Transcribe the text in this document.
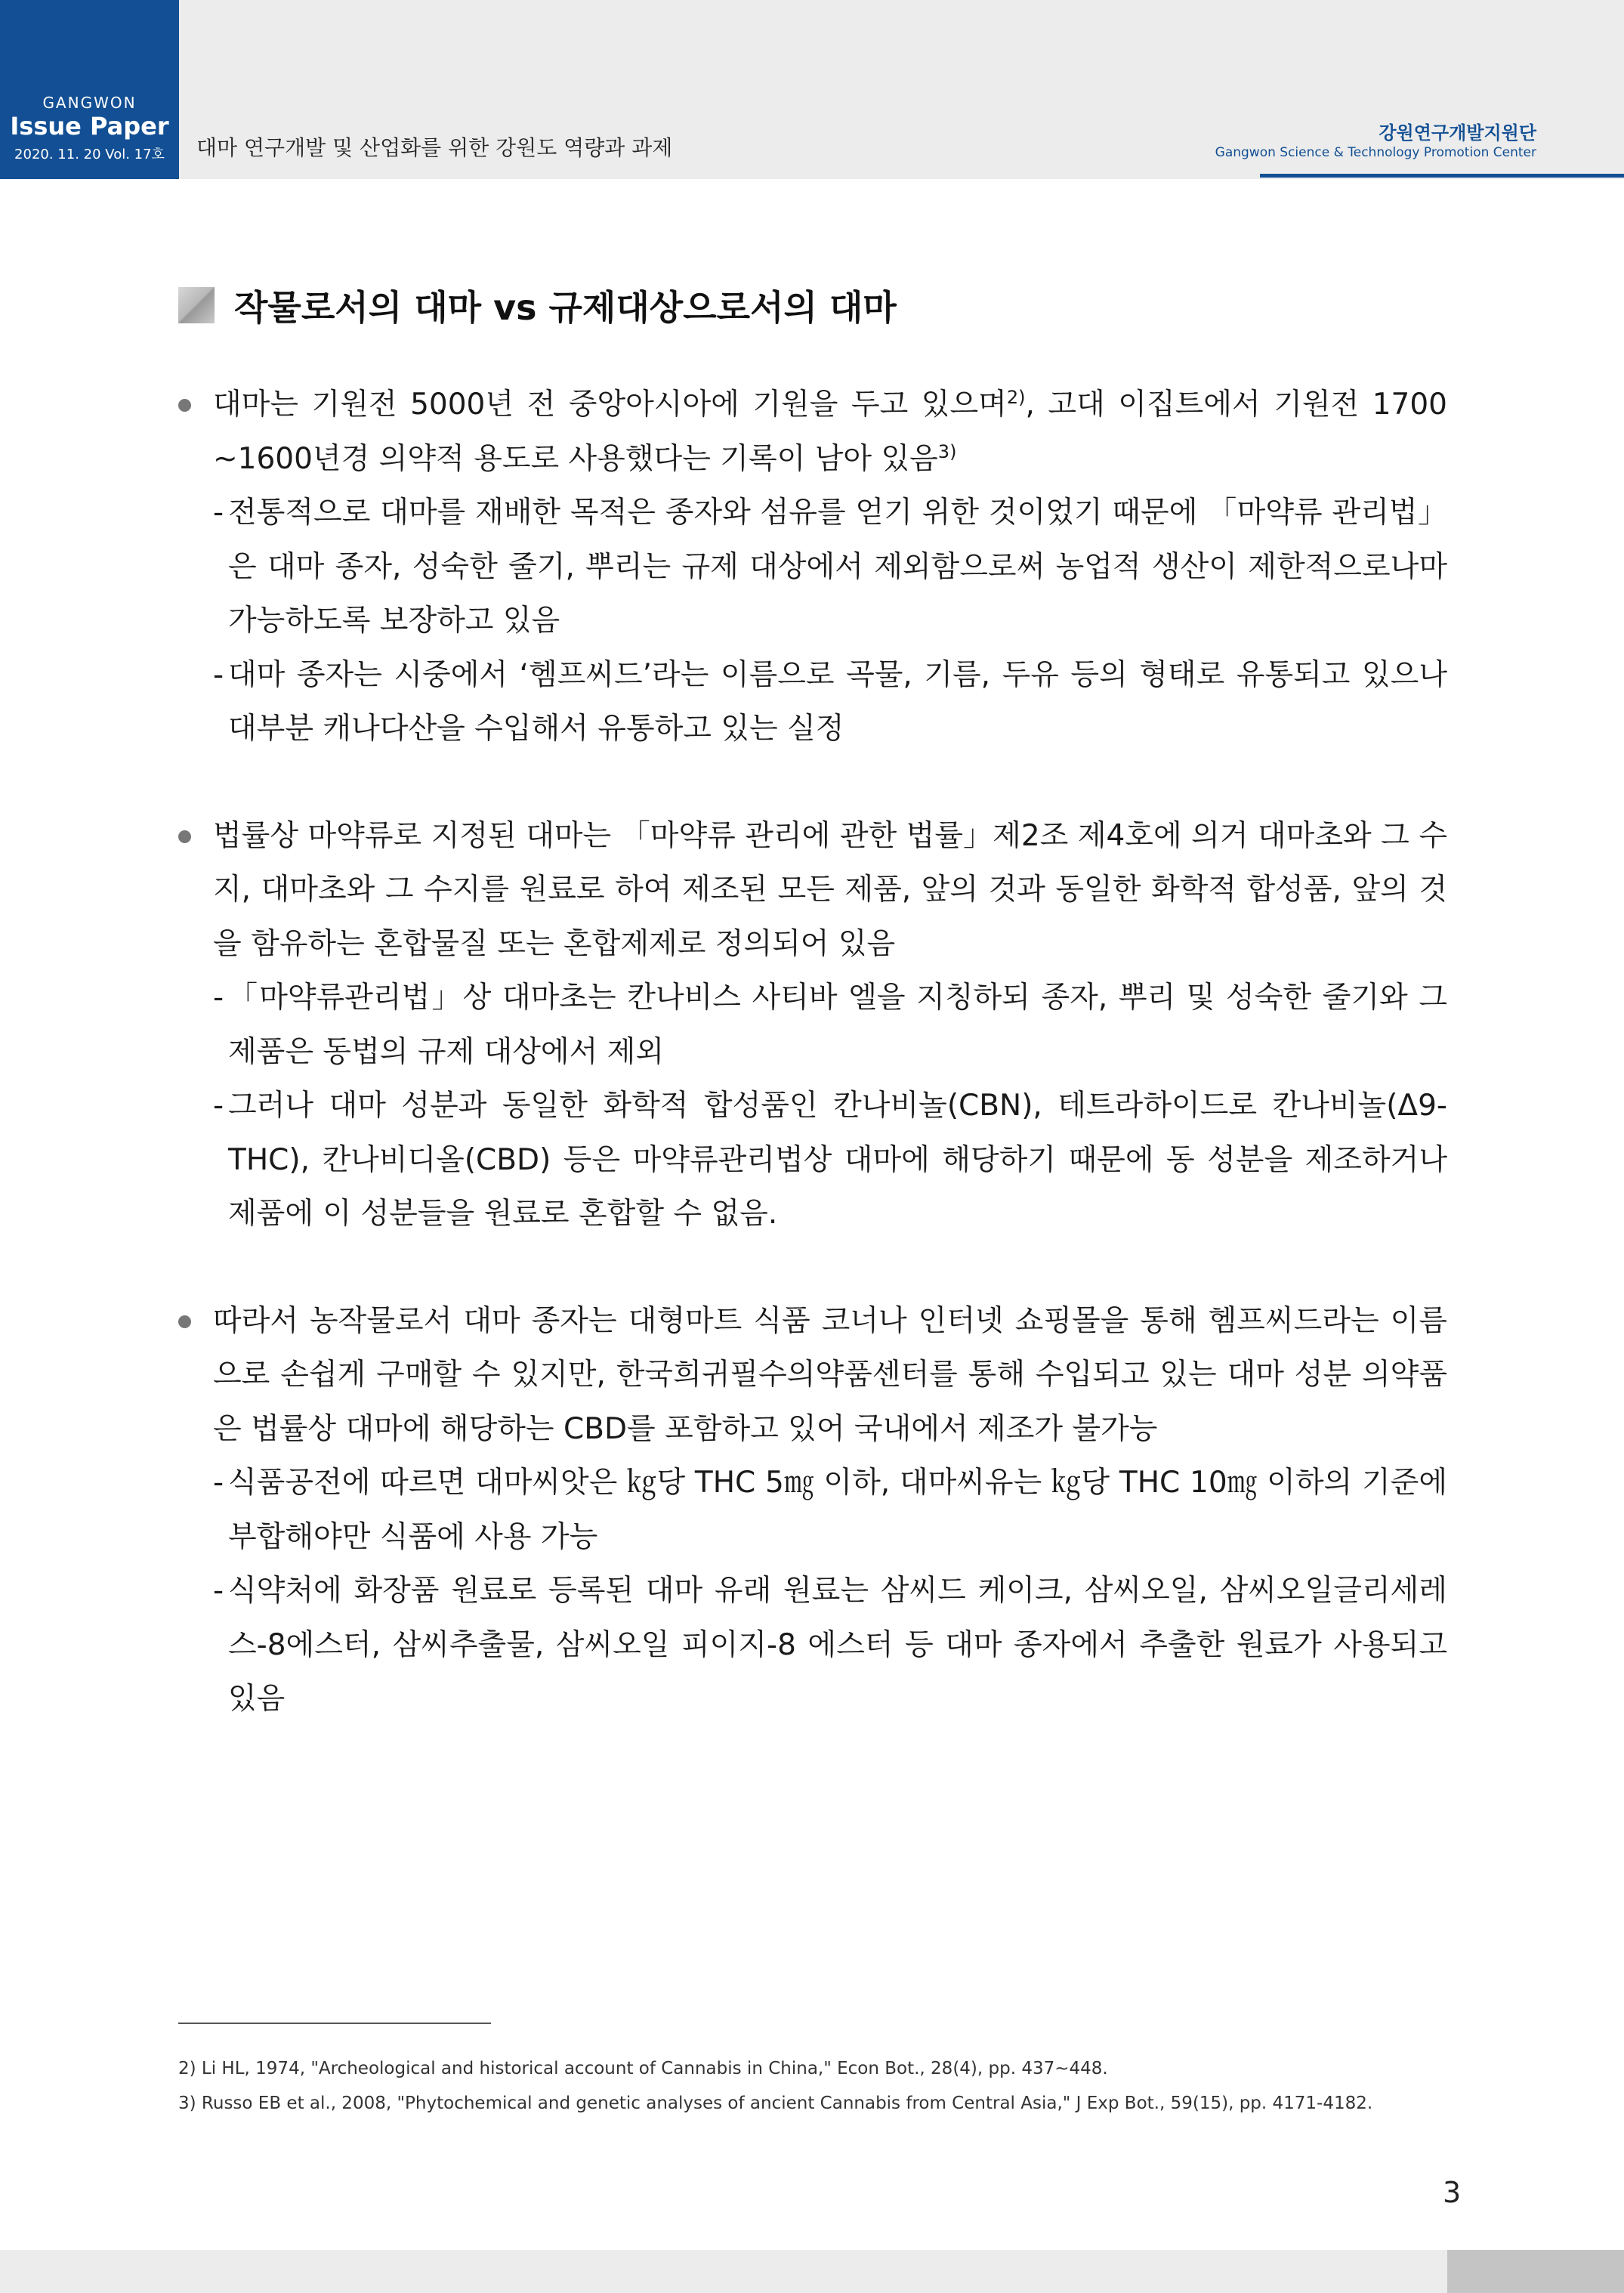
GANGWON
Issue Paper
2020. 11. 20 Vol. 17호	대마 연구개발 및 산업화를 위한 강원도 역량과 과제
강원연구개발지원단
Gangwon Science & Technology Promotion Center
작물로서의 대마 vs 규제대상으로서의 대마
대마는 기원전 5000년 전 중앙아시아에 기원을 두고 있으며$^{2)}$, 고대 이집트에서 기원전 1700 ~1600년경 의약적 용도로 사용했다는 기록이 남아 있음$^{3)}$
- 전통적으로 대마를 재배한 목적은 종자와 섬유를 얻기 위한 것이었기 때문에 「마약류 관리법」은 대마 종자, 성숙한 줄기, 뿌리는 규제 대상에서 제외함으로써 농업적 생산이 제한적으로나마 가능하도록 보장하고 있음
- 대마 종자는 시중에서 ‘헴프씨드’라는 이름으로 곡물, 기름, 두유 등의 형태로 유통되고 있으나 대부분 캐나다산을 수입해서 유통하고 있는 실정
법률상 마약류로 지정된 대마는 「마약류 관리에 관한 법률」제2조 제4호에 의거 대마초와 그 수지, 대마초와 그 수지를 원료로 하여 제조된 모든 제품, 앞의 것과 동일한 화학적 합성품, 앞의 것을 함유하는 혼합물질 또는 혼합제제로 정의되어 있음
- 「마약류관리법」상 대마초는 칸나비스 사티바 엘을 지칭하되 종자, 뿌리 및 성숙한 줄기와 그 제품은 동법의 규제 대상에서 제외
- 그러나 대마 성분과 동일한 화학적 합성품인 칸나비놀(CBN), 테트라하이드로 칸나비놀(Δ9-THC), 칸나비디올(CBD) 등은 마약류관리법상 대마에 해당하기 때문에 동 성분을 제조하거나 제품에 이 성분들을 원료로 혼합할 수 없음.
따라서 농작물로서 대마 종자는 대형마트 식품 코너나 인터넷 쇼핑몰을 통해 헴프씨드라는 이름으로 손쉽게 구매할 수 있지만, 한국희귀필수의약품센터를 통해 수입되고 있는 대마 성분 의약품은 법률상 대마에 해당하는 CBD를 포함하고 있어 국내에서 제조가 불가능
- 식품공전에 따르면 대마씨앗은 ㎏당 THC 5㎎ 이하, 대마씨유는 ㎏당 THC 10㎎ 이하의 기준에 부합해야만 식품에 사용 가능
- 식약처에 화장품 원료로 등록된 대마 유래 원료는 삼씨드 케이크, 삼씨오일, 삼씨오일글리세레스-8에스터, 삼씨추출물, 삼씨오일 피이지-8 에스터 등 대마 종자에서 추출한 원료가 사용되고 있음
2) Li HL, 1974, "Archeological and historical account of Cannabis in China," Econ Bot., 28(4), pp. 437~448.
3) Russo EB et al., 2008, "Phytochemical and genetic analyses of ancient Cannabis from Central Asia," J Exp Bot., 59(15), pp. 4171-4182.
3
